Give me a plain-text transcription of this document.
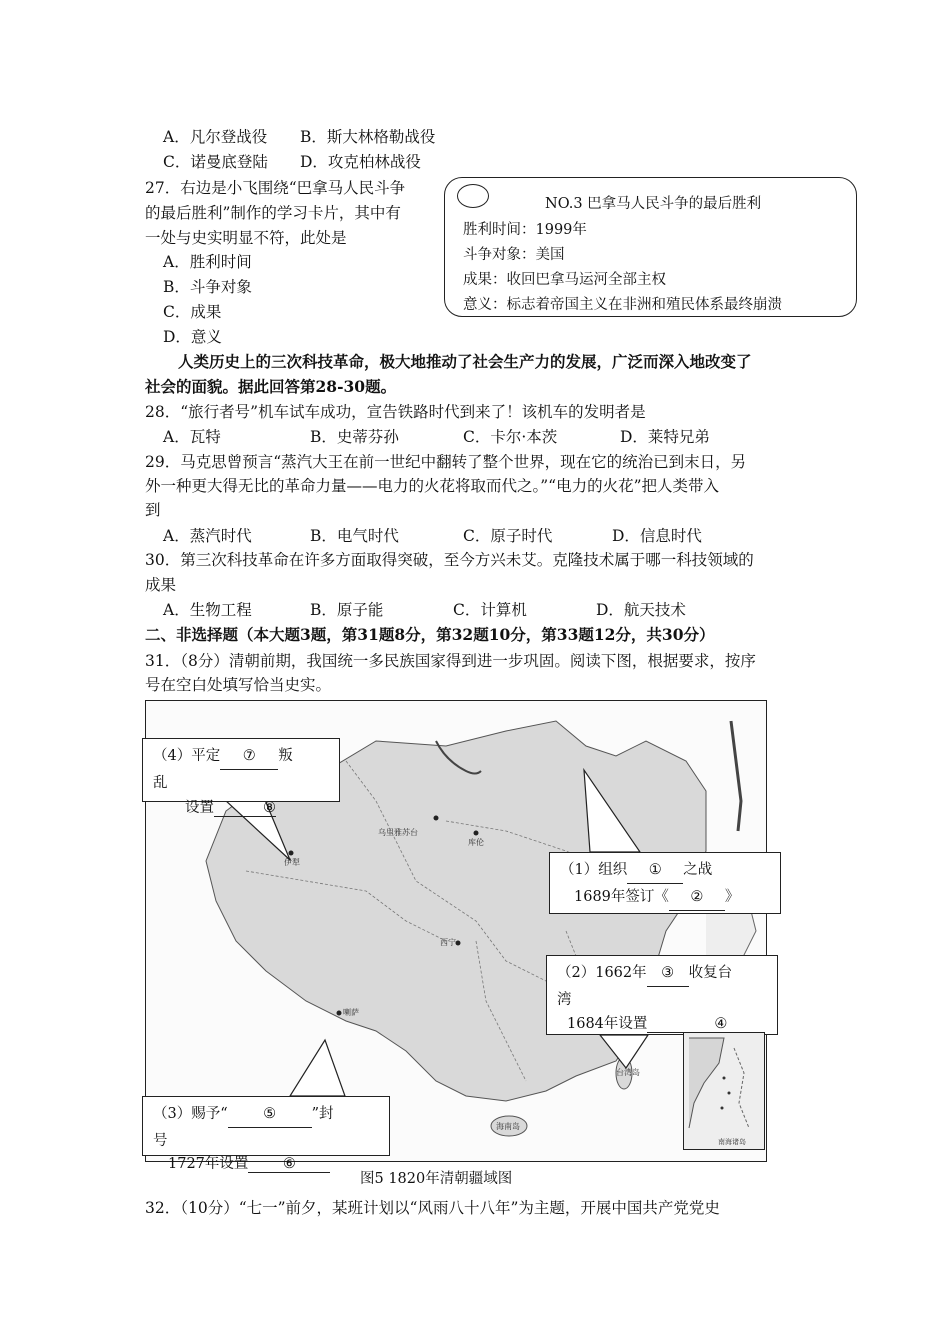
A．凡尔登战役 B．斯大林格勒战役
C．诺曼底登陆 D．攻克柏林战役
27．右边是小飞围绕“巴拿马人民斗争
的最后胜利”制作的学习卡片，其中有
一处与史实明显不符，此处是
A．胜利时间
B．斗争对象
C．成果
D．意义
NO.3 巴拿马人民斗争的最后胜利
胜利时间：1999年
斗争对象：美国
成果：收回巴拿马运河全部主权
意义：标志着帝国主义在非洲和殖民体系最终崩溃
人类历史上的三次科技革命，极大地推动了社会生产力的发展，广泛而深入地改变了
社会的面貌。据此回答第28-30题。
28．“旅行者号”机车试车成功，宣告铁路时代到来了！该机车的发明者是
A．瓦特	B．史蒂芬孙	C．卡尔·本茨	D．莱特兄弟
29．马克思曾预言“蒸汽大王在前一世纪中翻转了整个世界，现在它的统治已到末日，另
外一种更大得无比的革命力量——电力的火花将取而代之。”“电力的火花”把人类带入
到
A．蒸汽时代	B．电气时代	C．原子时代	D．信息时代
30．第三次科技革命在许多方面取得突破，至今方兴未艾。克隆技术属于哪一科技领域的
成果
A．生物工程	B．原子能	C．计算机	D．航天技术
二、非选择题（本大题3题，第31题8分，第32题10分，第33题12分，共30分）
31．（8分）清朝前期，我国统一多民族国家得到进一步巩固。阅读下图，根据要求，按序
号在空白处填写恰当史实。
乌里雅苏台
库伦
伊犁
喇萨
西宁
台湾岛
海南岛
（4）平定 ⑦ 叛
乱
设置	⑧
（1）组织 ① 之战
1689年签订《 ② 》
（2）1662年 ③ 收复台
湾
1684年设置	④
（3）赐予“ ⑤ ”封
号
1727年设置 ⑥
南海诸岛
图5 1820年清朝疆域图
32．（10分）“七一”前夕，某班计划以“风雨八十八年”为主题，开展中国共产党党史
